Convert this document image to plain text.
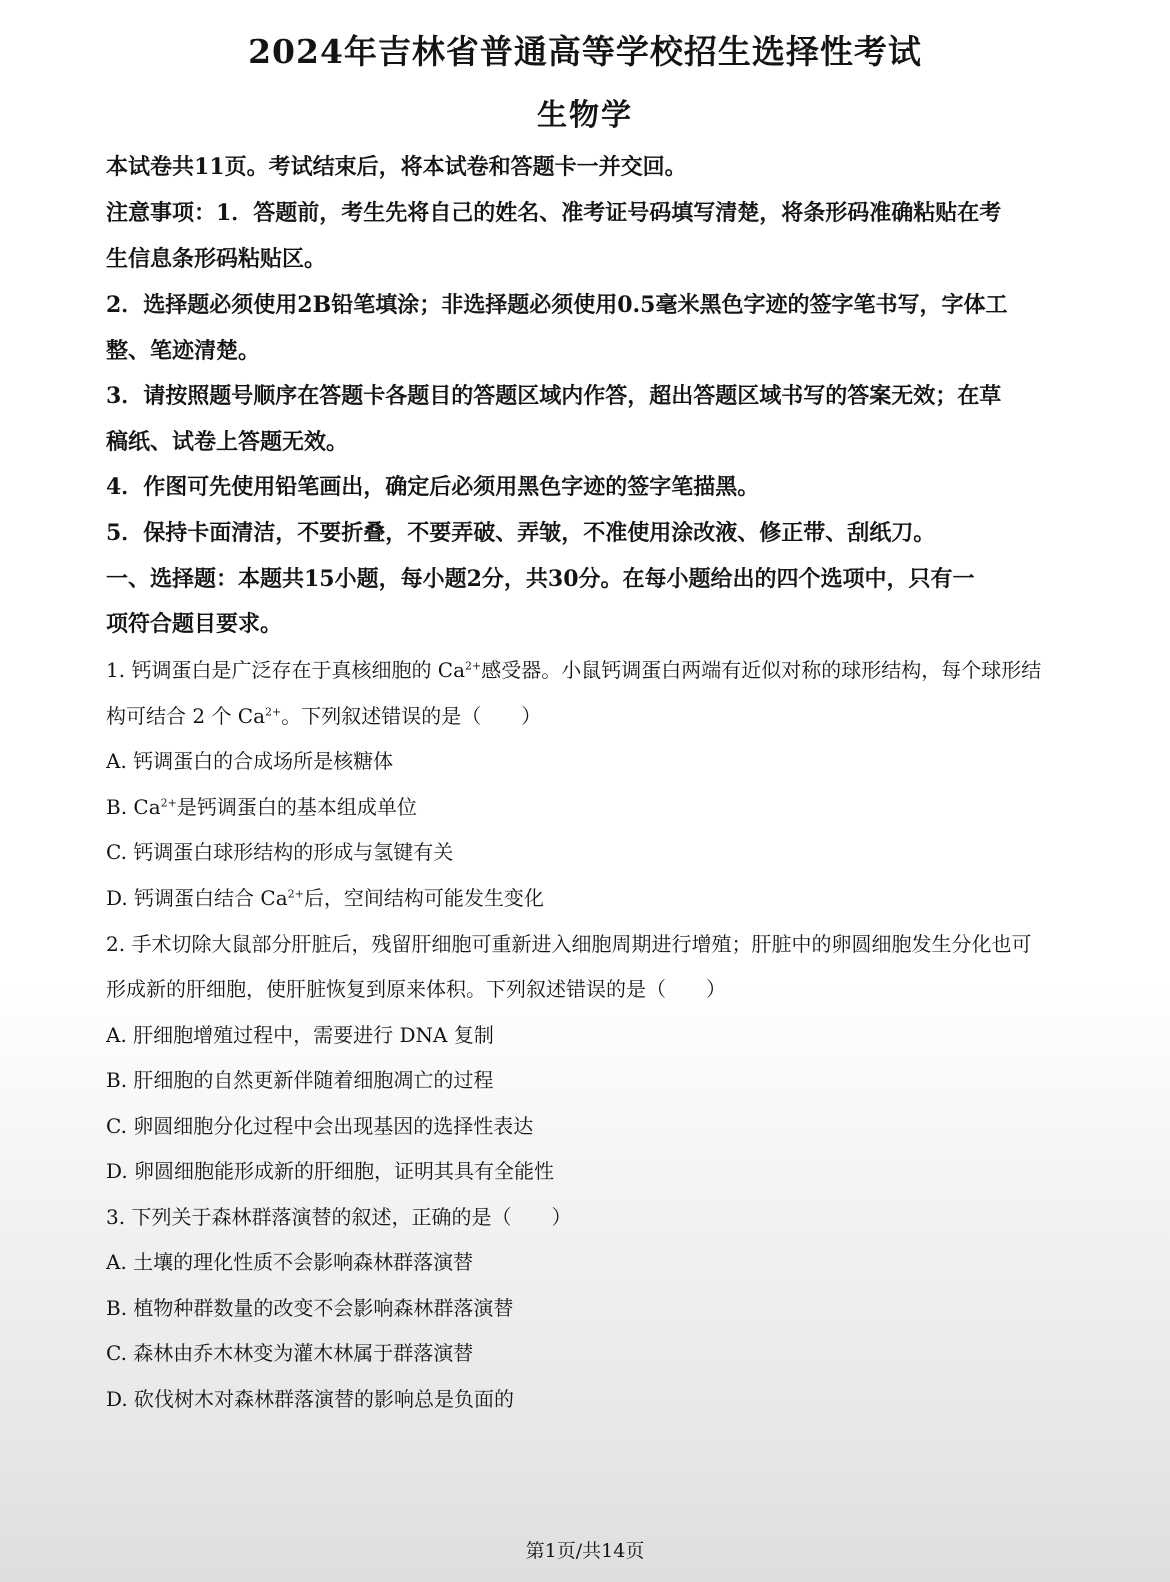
2024年吉林省普通高等学校招生选择性考试
生物学
本试卷共11页。考试结束后，将本试卷和答题卡一并交回。
注意事项：1．答题前，考生先将自己的姓名、准考证号码填写清楚，将条形码准确粘贴在考
生信息条形码粘贴区。
2．选择题必须使用2B铅笔填涂；非选择题必须使用0.5毫米黑色字迹的签字笔书写，字体工
整、笔迹清楚。
3．请按照题号顺序在答题卡各题目的答题区域内作答，超出答题区域书写的答案无效；在草
稿纸、试卷上答题无效。
4．作图可先使用铅笔画出，确定后必须用黑色字迹的签字笔描黑。
5．保持卡面清洁，不要折叠，不要弄破、弄皱，不准使用涂改液、修正带、刮纸刀。
一、选择题：本题共15小题，每小题2分，共30分。在每小题给出的四个选项中，只有一
项符合题目要求。
1. 钙调蛋白是广泛存在于真核细胞的 $Ca^{2+}$感受器。小鼠钙调蛋白两端有近似对称的球形结构，每个球形结
构可结合 2 个 $Ca^{2+}$。下列叙述错误的是（　　）
A. 钙调蛋白的合成场所是核糖体
B. $Ca^{2+}$是钙调蛋白的基本组成单位
C. 钙调蛋白球形结构的形成与氢键有关
D. 钙调蛋白结合 $Ca^{2+}$后，空间结构可能发生变化
2. 手术切除大鼠部分肝脏后，残留肝细胞可重新进入细胞周期进行增殖；肝脏中的卵圆细胞发生分化也可
形成新的肝细胞，使肝脏恢复到原来体积。下列叙述错误的是（　　）
A. 肝细胞增殖过程中，需要进行 DNA 复制
B. 肝细胞的自然更新伴随着细胞凋亡的过程
C. 卵圆细胞分化过程中会出现基因的选择性表达
D. 卵圆细胞能形成新的肝细胞，证明其具有全能性
3. 下列关于森林群落演替的叙述，正确的是（　　）
A. 土壤的理化性质不会影响森林群落演替
B. 植物种群数量的改变不会影响森林群落演替
C. 森林由乔木林变为灌木林属于群落演替
D. 砍伐树木对森林群落演替的影响总是负面的
第1页/共14页
